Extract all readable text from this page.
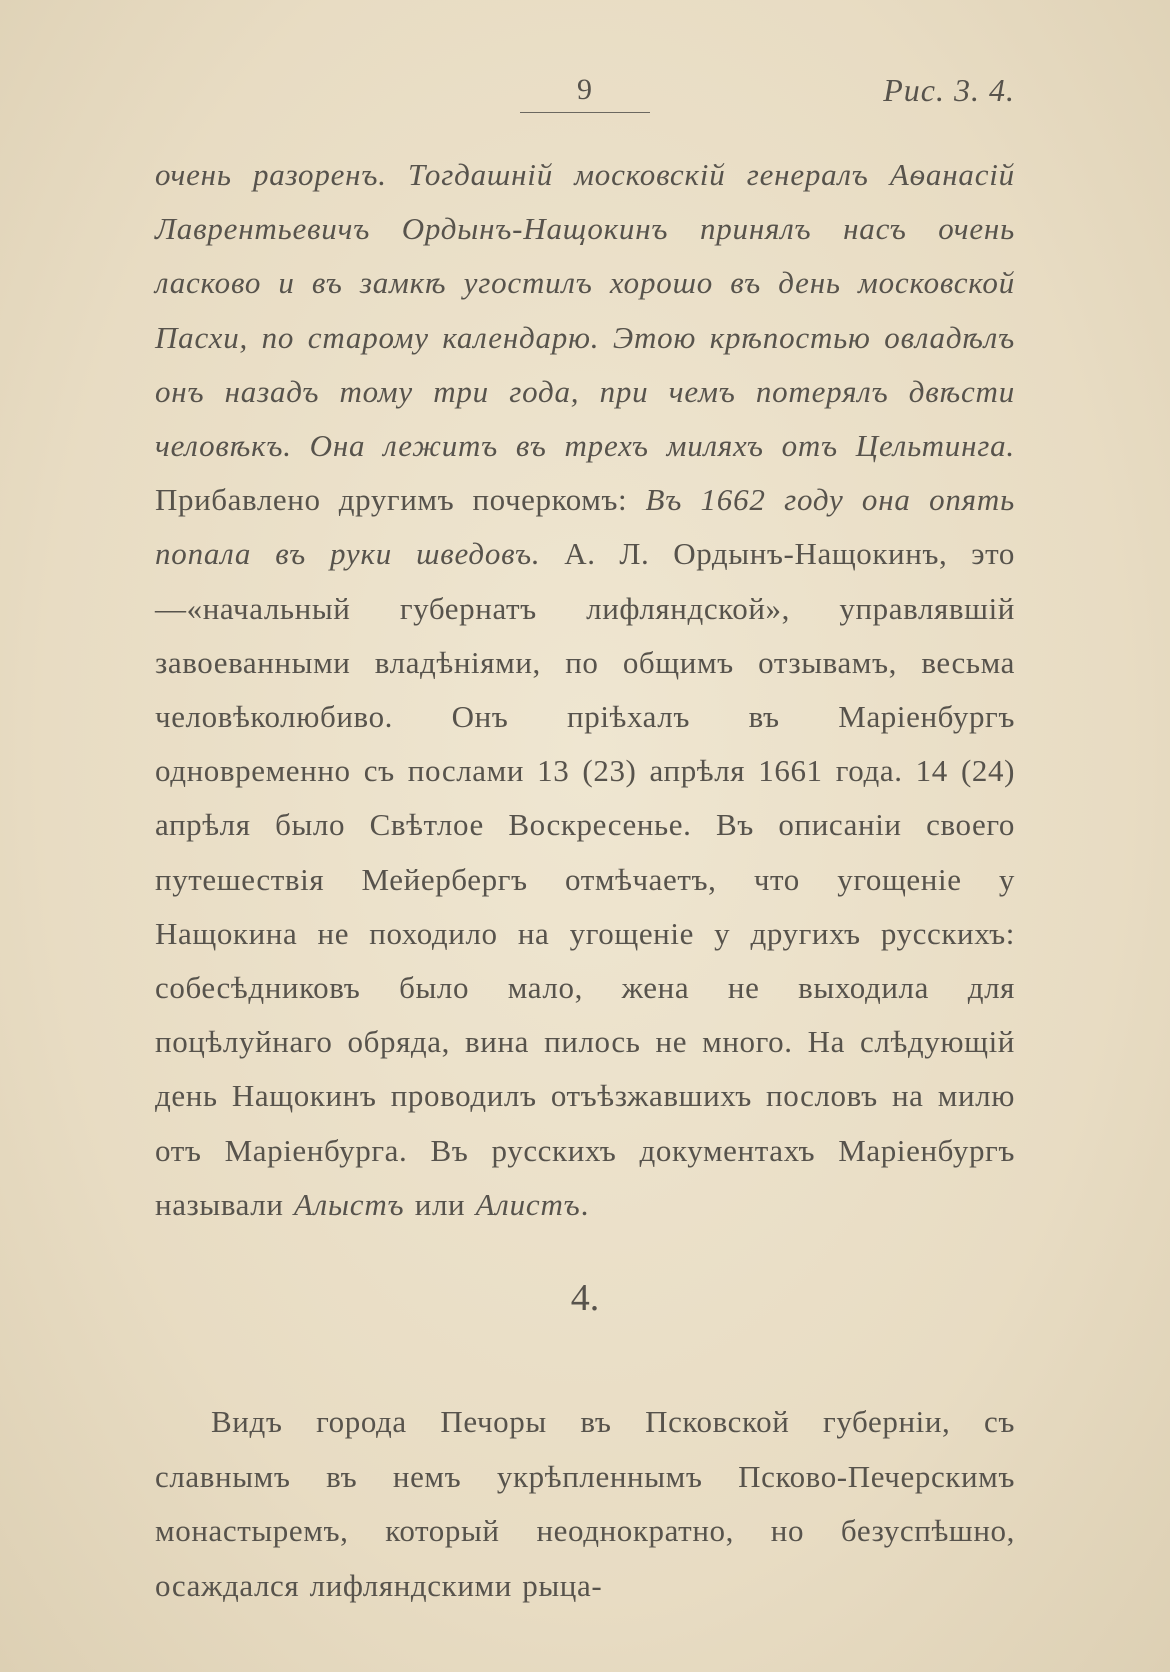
9	Рис. 3. 4.

очень разоренъ. Тогдашній московскій генералъ Аѳанасій Лаврентьевичъ Ордынъ-Нащокинъ принялъ насъ очень ласково и въ замкѣ угостилъ хорошо въ день московской Пасхи, по старому календарю. Этою крѣпостью овладѣлъ онъ назадъ тому три года, при чемъ потерялъ двѣсти человѣкъ. Она лежитъ въ трехъ миляхъ отъ Цельтинга. Прибавлено другимъ почеркомъ: Въ 1662 году она опять попала въ руки шведовъ. А. Л. Ордынъ-Нащокинъ, это—«начальный губернатъ лифляндской», управлявшій завоеванными владѣніями, по общимъ отзывамъ, весьма человѣколюбиво. Онъ пріѣхалъ въ Маріенбургъ одновременно съ послами 13 (23) апрѣля 1661 года. 14 (24) апрѣля было Свѣтлое Воскресенье. Въ описаніи своего путешествія Мейербергъ отмѣчаетъ, что угощеніе у Нащокина не походило на угощеніе у другихъ русскихъ: собесѣдниковъ было мало, жена не выходила для поцѣлуйнаго обряда, вина пилось не много. На слѣдующій день Нащокинъ проводилъ отъѣзжавшихъ пословъ на милю отъ Маріенбурга. Въ русскихъ документахъ Маріенбургъ называли Алыстъ или Алистъ.

4.

Видъ города Печоры въ Псковской губерніи, съ славнымъ въ немъ укрѣпленнымъ Псково-Печерскимъ монастыремъ, который неоднократно, но безуспѣшно, осаждался лифляндскими рыца-
